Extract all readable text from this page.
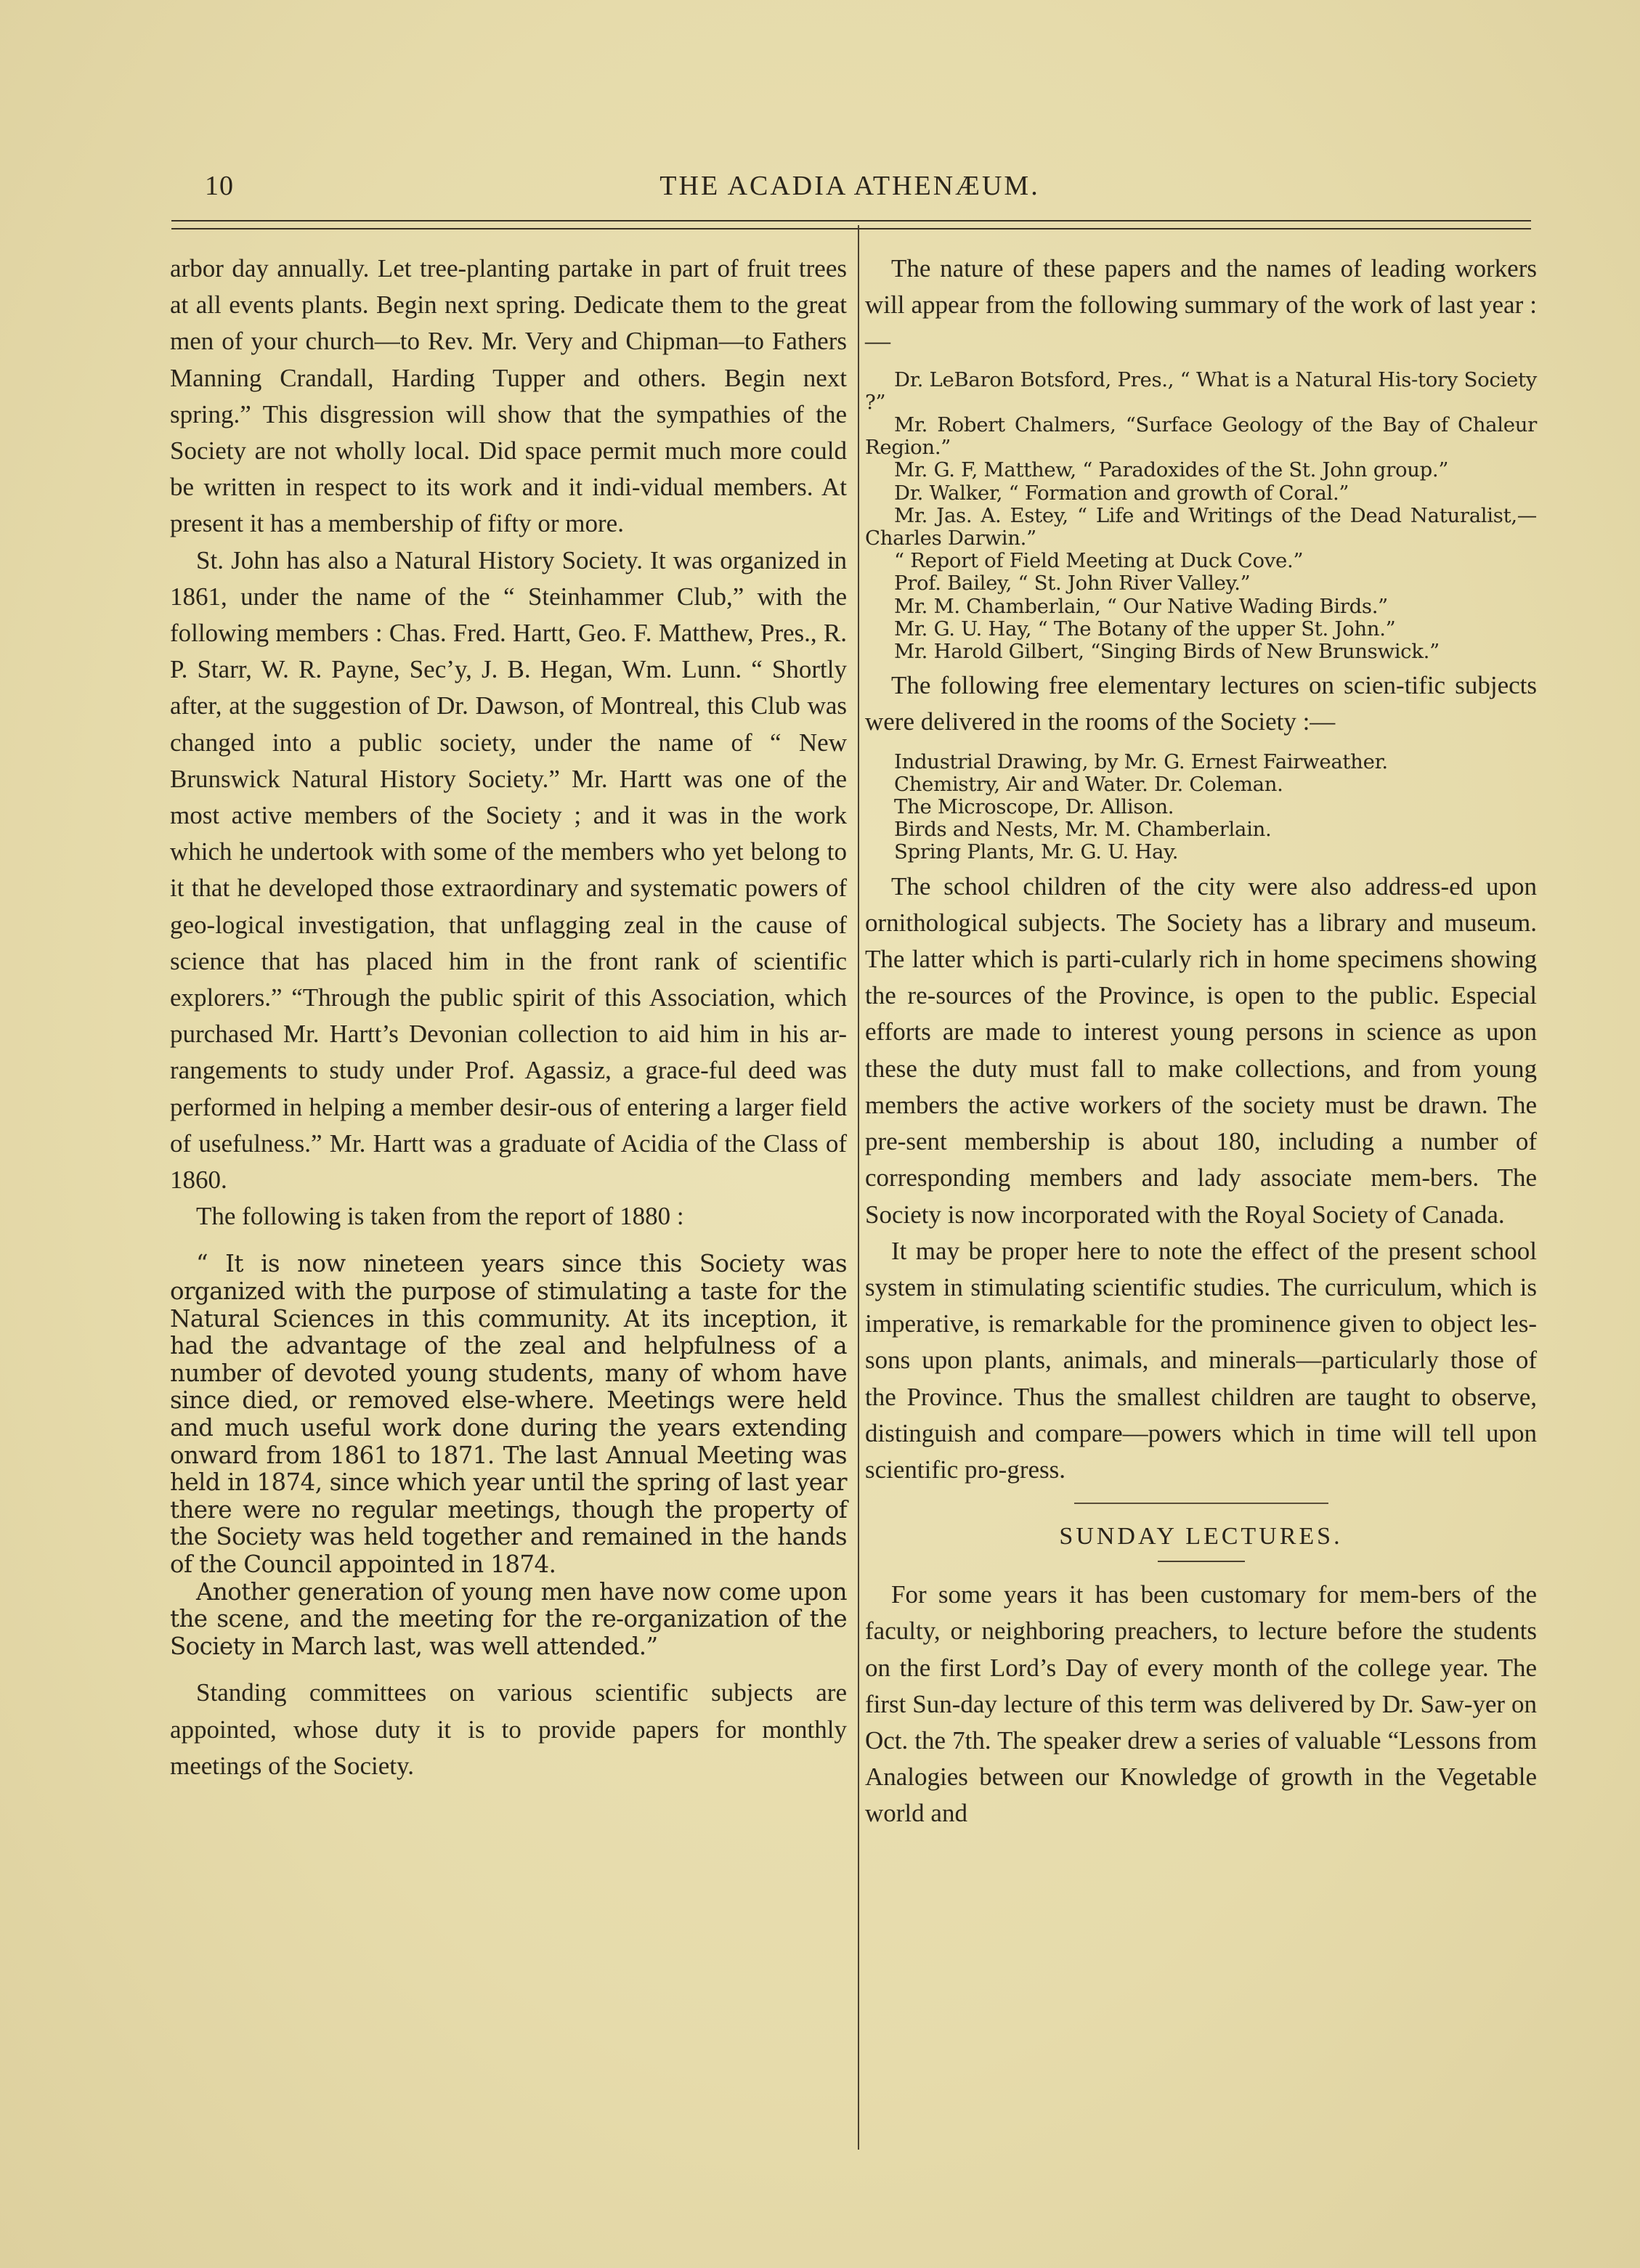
10	THE ACADIA ATHENÆUM.

arbor day annually. Let tree-planting partake in part of fruit trees at all events plants. Begin next spring. Dedicate them to the great men of your church—to Rev. Mr. Very and Chipman—to Fathers Manning Crandall, Harding Tupper and others. Begin next spring.” This disgression will show that the sympathies of the Society are not wholly local. Did space permit much more could be written in respect to its work and it indi-vidual members. At present it has a membership of fifty or more.

St. John has also a Natural History Society. It was organized in 1861, under the name of the “ Steinhammer Club,” with the following members : Chas. Fred. Hartt, Geo. F. Matthew, Pres., R. P. Starr, W. R. Payne, Sec’y, J. B. Hegan, Wm. Lunn. “ Shortly after, at the suggestion of Dr. Dawson, of Montreal, this Club was changed into a public society, under the name of “ New Brunswick Natural History Society.” Mr. Hartt was one of the most active members of the Society ; and it was in the work which he undertook with some of the members who yet belong to it that he developed those extraordinary and systematic powers of geo-logical investigation, that unflagging zeal in the cause of science that has placed him in the front rank of scientific explorers.” “Through the public spirit of this Association, which purchased Mr. Hartt’s Devonian collection to aid him in his ar-rangements to study under Prof. Agassiz, a grace-ful deed was performed in helping a member desir-ous of entering a larger field of usefulness.” Mr. Hartt was a graduate of Acidia of the Class of 1860.

The following is taken from the report of 1880 :

“ It is now nineteen years since this Society was organized with the purpose of stimulating a taste for the Natural Sciences in this community. At its inception, it had the advantage of the zeal and helpfulness of a number of devoted young students, many of whom have since died, or removed else-where. Meetings were held and much useful work done during the years extending onward from 1861 to 1871. The last Annual Meeting was held in 1874, since which year until the spring of last year there were no regular meetings, though the property of the Society was held together and remained in the hands of the Council appointed in 1874.

Another generation of young men have now come upon the scene, and the meeting for the re-organization of the Society in March last, was well attended.”

Standing committees on various scientific subjects are appointed, whose duty it is to provide papers for monthly meetings of the Society.

The nature of these papers and the names of leading workers will appear from the following summary of the work of last year :—

Dr. LeBaron Botsford, Pres., “ What is a Natural His-tory Society ?”
Mr. Robert Chalmers, “Surface Geology of the Bay of Chaleur Region.”
Mr. G. F, Matthew, “ Paradoxides of the St. John group.”
Dr. Walker, “ Formation and growth of Coral.”
Mr. Jas. A. Estey, “ Life and Writings of the Dead Naturalist,—Charles Darwin.”
“ Report of Field Meeting at Duck Cove.”
Prof. Bailey, “ St. John River Valley.”
Mr. M. Chamberlain, “ Our Native Wading Birds.”
Mr. G. U. Hay, “ The Botany of the upper St. John.”
Mr. Harold Gilbert, “Singing Birds of New Brunswick.”

The following free elementary lectures on scien-tific subjects were delivered in the rooms of the Society :—

Industrial Drawing, by Mr. G. Ernest Fairweather.
Chemistry, Air and Water. Dr. Coleman.
The Microscope, Dr. Allison.
Birds and Nests, Mr. M. Chamberlain.
Spring Plants, Mr. G. U. Hay.

The school children of the city were also address-ed upon ornithological subjects. The Society has a library and museum. The latter which is parti-cularly rich in home specimens showing the re-sources of the Province, is open to the public. Especial efforts are made to interest young persons in science as upon these the duty must fall to make collections, and from young members the active workers of the society must be drawn. The pre-sent membership is about 180, including a number of corresponding members and lady associate mem-bers. The Society is now incorporated with the Royal Society of Canada.

It may be proper here to note the effect of the present school system in stimulating scientific studies. The curriculum, which is imperative, is remarkable for the prominence given to object les-sons upon plants, animals, and minerals—particularly those of the Province. Thus the smallest children are taught to observe, distinguish and compare—powers which in time will tell upon scientific pro-gress.

SUNDAY LECTURES.

For some years it has been customary for mem-bers of the faculty, or neighboring preachers, to lecture before the students on the first Lord’s Day of every month of the college year. The first Sun-day lecture of this term was delivered by Dr. Saw-yer on Oct. the 7th. The speaker drew a series of valuable “Lessons from Analogies between our Knowledge of growth in the Vegetable world and
